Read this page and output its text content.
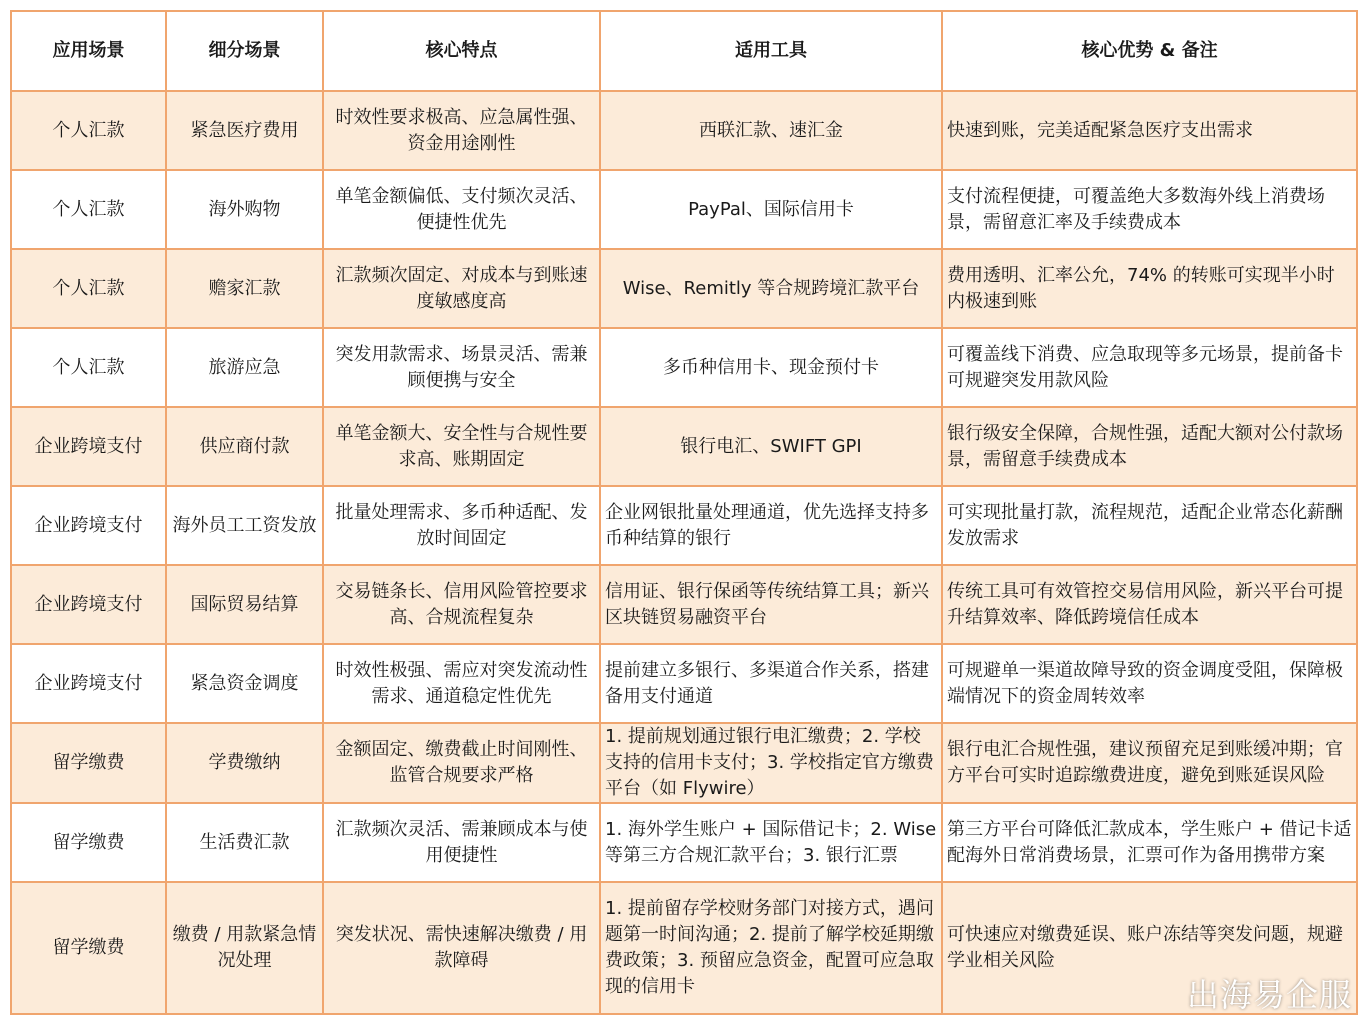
应用场景	细分场景	核心特点	适用工具	核心优势 & 备注
个人汇款	紧急医疗费用	时效性要求极高、应急属性强、资金用途刚性	西联汇款、速汇金	快速到账，完美适配紧急医疗支出需求
个人汇款	海外购物	单笔金额偏低、支付频次灵活、便捷性优先	PayPal、国际信用卡	支付流程便捷，可覆盖绝大多数海外线上消费场景，需留意汇率及手续费成本
个人汇款	赡家汇款	汇款频次固定、对成本与到账速度敏感度高	Wise、Remitly 等合规跨境汇款平台	费用透明、汇率公允，74% 的转账可实现半小时内极速到账
个人汇款	旅游应急	突发用款需求、场景灵活、需兼顾便携与安全	多币种信用卡、现金预付卡	可覆盖线下消费、应急取现等多元场景，提前备卡可规避突发用款风险
企业跨境支付	供应商付款	单笔金额大、安全性与合规性要求高、账期固定	银行电汇、SWIFT GPI	银行级安全保障，合规性强，适配大额对公付款场景，需留意手续费成本
企业跨境支付	海外员工工资发放	批量处理需求、多币种适配、发放时间固定	企业网银批量处理通道，优先选择支持多币种结算的银行	可实现批量打款，流程规范，适配企业常态化薪酬发放需求
企业跨境支付	国际贸易结算	交易链条长、信用风险管控要求高、合规流程复杂	信用证、银行保函等传统结算工具；新兴区块链贸易融资平台	传统工具可有效管控交易信用风险，新兴平台可提升结算效率、降低跨境信任成本
企业跨境支付	紧急资金调度	时效性极强、需应对突发流动性需求、通道稳定性优先	提前建立多银行、多渠道合作关系，搭建备用支付通道	可规避单一渠道故障导致的资金调度受阻，保障极端情况下的资金周转效率
留学缴费	学费缴纳	金额固定、缴费截止时间刚性、监管合规要求严格	1. 提前规划通过银行电汇缴费；2. 学校支持的信用卡支付；3. 学校指定官方缴费平台（如 Flywire）	银行电汇合规性强，建议预留充足到账缓冲期；官方平台可实时追踪缴费进度，避免到账延误风险
留学缴费	生活费汇款	汇款频次灵活、需兼顾成本与使用便捷性	1. 海外学生账户 + 国际借记卡；2. Wise 等第三方合规汇款平台；3. 银行汇票	第三方平台可降低汇款成本，学生账户 + 借记卡适配海外日常消费场景，汇票可作为备用携带方案
留学缴费	缴费 / 用款紧急情况处理	突发状况、需快速解决缴费 / 用款障碍	1. 提前留存学校财务部门对接方式，遇问题第一时间沟通；2. 提前了解学校延期缴费政策；3. 预留应急资金，配置可应急取现的信用卡	可快速应对缴费延误、账户冻结等突发问题，规避学业相关风险
出海易企服
